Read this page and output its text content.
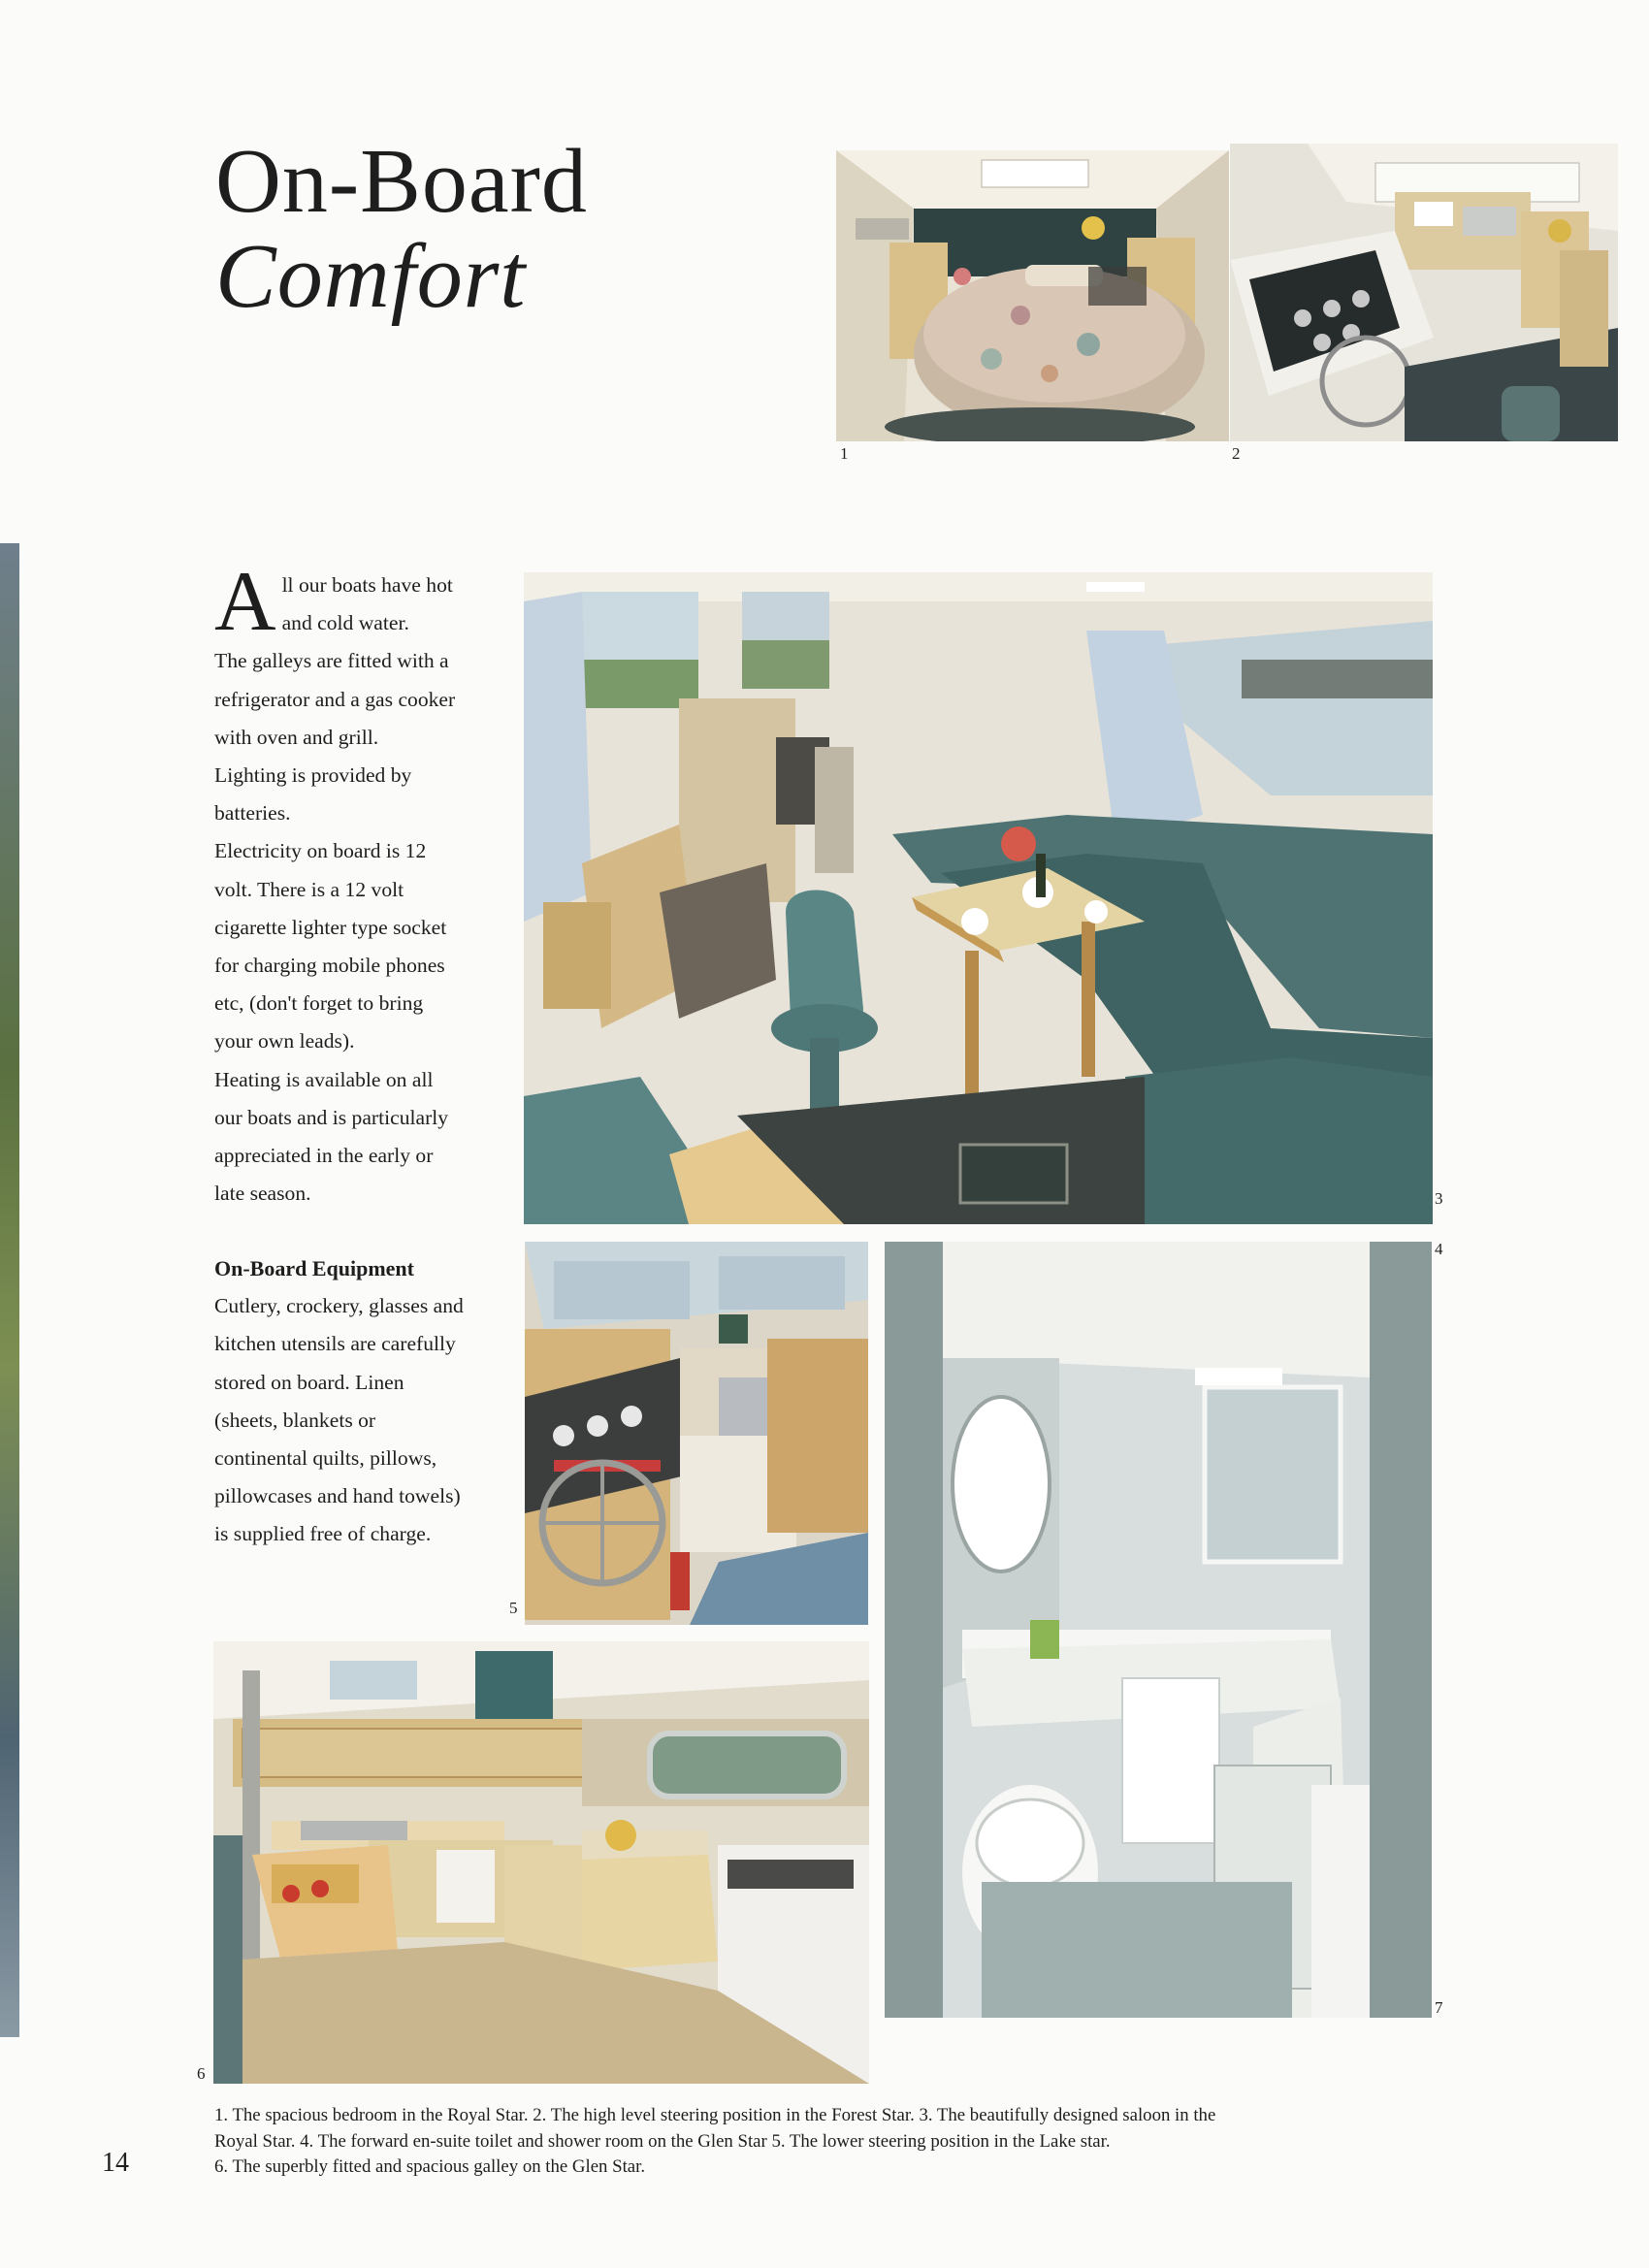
On-Board
Comfort
1	2
A ll our boats have hot
and cold water.
The galleys are fitted with a
refrigerator and a gas cooker
with oven and grill.
Lighting is provided by
batteries.
Electricity on board is 12
volt. There is a 12 volt
cigarette lighter type socket
for charging mobile phones
etc, (don't forget to bring
your own leads).
Heating is available on all
our boats and is particularly
appreciated in the early or
late season.	3
On-Board Equipment

Cutlery, crockery, glasses and
kitchen utensils are carefully
stored on board. Linen
(sheets, blankets or
continental quilts, pillows,
pillowcases and hand towels)
is supplied free of charge.

5
4
7
6

1. The spacious bedroom in the Royal Star. 2. The high level steering position in the Forest Star. 3. The beautifully designed saloon in the
Royal Star. 4. The forward en-suite toilet and shower room on the Glen Star 5. The lower steering position in the Lake star.
6. The superbly fitted and spacious galley on the Glen Star.

14
